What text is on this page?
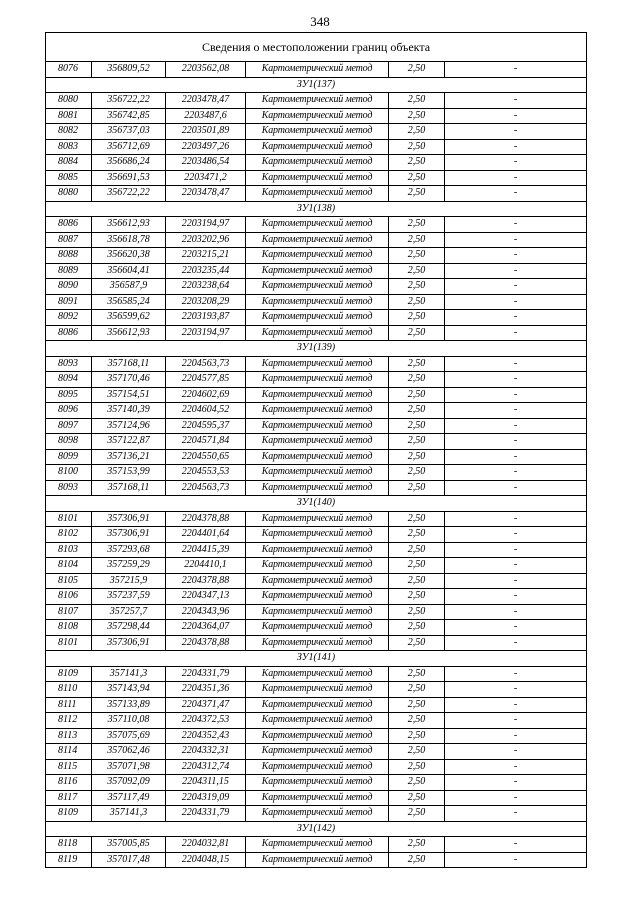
348
Сведения о местоположении границ объекта					
8076	356809,52	2203562,08	Картометрический метод	2,50	-
ЗУ1(137)					
8080	356722,22	2203478,47	Картометрический метод	2,50	-
8081	356742,85	2203487,6	Картометрический метод	2,50	-
8082	356737,03	2203501,89	Картометрический метод	2,50	-
8083	356712,69	2203497,26	Картометрический метод	2,50	-
8084	356686,24	2203486,54	Картометрический метод	2,50	-
8085	356691,53	2203471,2	Картометрический метод	2,50	-
8080	356722,22	2203478,47	Картометрический метод	2,50	-
ЗУ1(138)					
8086	356612,93	2203194,97	Картометрический метод	2,50	-
8087	356618,78	2203202,96	Картометрический метод	2,50	-
8088	356620,38	2203215,21	Картометрический метод	2,50	-
8089	356604,41	2203235,44	Картометрический метод	2,50	-
8090	356587,9	2203238,64	Картометрический метод	2,50	-
8091	356585,24	2203208,29	Картометрический метод	2,50	-
8092	356599,62	2203193,87	Картометрический метод	2,50	-
8086	356612,93	2203194,97	Картометрический метод	2,50	-
ЗУ1(139)					
8093	357168,11	2204563,73	Картометрический метод	2,50	-
8094	357170,46	2204577,85	Картометрический метод	2,50	-
8095	357154,51	2204602,69	Картометрический метод	2,50	-
8096	357140,39	2204604,52	Картометрический метод	2,50	-
8097	357124,96	2204595,37	Картометрический метод	2,50	-
8098	357122,87	2204571,84	Картометрический метод	2,50	-
8099	357136,21	2204550,65	Картометрический метод	2,50	-
8100	357153,99	2204553,53	Картометрический метод	2,50	-
8093	357168,11	2204563,73	Картометрический метод	2,50	-
ЗУ1(140)					
8101	357306,91	2204378,88	Картометрический метод	2,50	-
8102	357306,91	2204401,64	Картометрический метод	2,50	-
8103	357293,68	2204415,39	Картометрический метод	2,50	-
8104	357259,29	2204410,1	Картометрический метод	2,50	-
8105	357215,9	2204378,88	Картометрический метод	2,50	-
8106	357237,59	2204347,13	Картометрический метод	2,50	-
8107	357257,7	2204343,96	Картометрический метод	2,50	-
8108	357298,44	2204364,07	Картометрический метод	2,50	-
8101	357306,91	2204378,88	Картометрический метод	2,50	-
ЗУ1(141)					
8109	357141,3	2204331,79	Картометрический метод	2,50	-
8110	357143,94	2204351,36	Картометрический метод	2,50	-
8111	357133,89	2204371,47	Картометрический метод	2,50	-
8112	357110,08	2204372,53	Картометрический метод	2,50	-
8113	357075,69	2204352,43	Картометрический метод	2,50	-
8114	357062,46	2204332,31	Картометрический метод	2,50	-
8115	357071,98	2204312,74	Картометрический метод	2,50	-
8116	357092,09	2204311,15	Картометрический метод	2,50	-
8117	357117,49	2204319,09	Картометрический метод	2,50	-
8109	357141,3	2204331,79	Картометрический метод	2,50	-
ЗУ1(142)					
8118	357005,85	2204032,81	Картометрический метод	2,50	-
8119	357017,48	2204048,15	Картометрический метод	2,50	-
